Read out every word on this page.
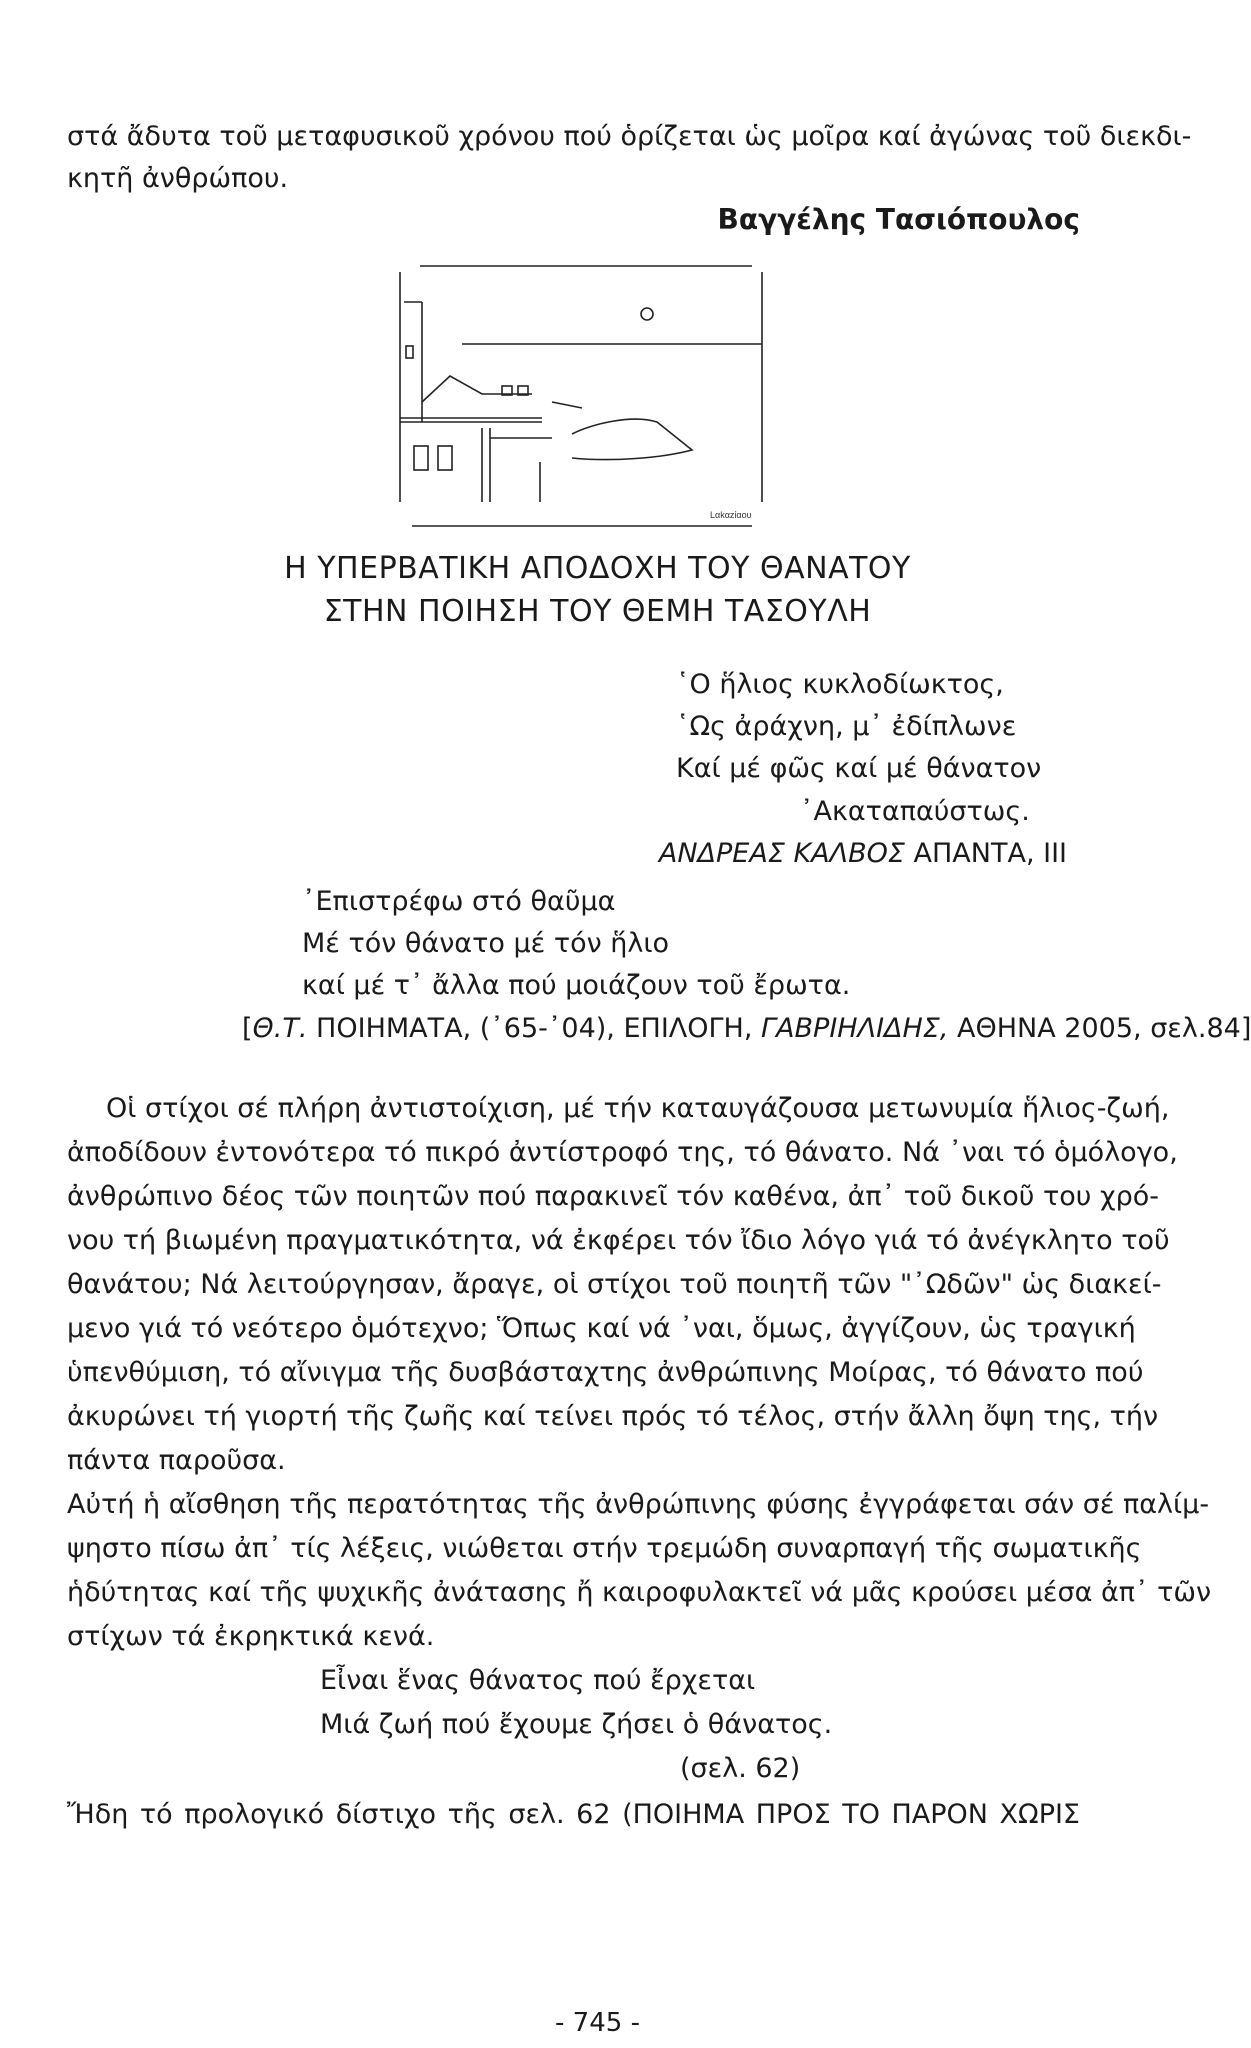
στά ἄδυτα τοῦ μεταφυσικοῦ χρόνου πού ὁρίζεται ὡς μοῖρα καί ἀγώνας τοῦ διεκδι-
κητῆ ἀνθρώπου.
Βαγγέλης Τασιόπουλος
Lαkαzίαου
Η ΥΠΕΡΒΑΤΙΚΗ ΑΠΟΔΟΧΗ ΤΟΥ ΘΑΝΑΤΟΥ
ΣΤΗΝ ΠΟΙΗΣΗ ΤΟΥ ΘΕΜΗ ΤΑΣΟΥΛΗ
῾Ο ἥλιος κυκλοδίωκτος,
῾Ως ἀράχνη, μ᾽ ἐδίπλωνε
Καί μέ φῶς καί μέ θάνατον
᾽Ακαταπαύστως.
ΑΝΔΡΕΑΣ ΚΑΛΒΟΣ ΑΠΑΝΤΑ, ΙΙΙ
᾽Επιστρέφω στό θαῦμα
Μέ τόν θάνατο μέ τόν ἥλιο
καί μέ τ᾽ ἄλλα πού μοιάζουν τοῦ ἔρωτα.
[Θ.Τ. ΠΟΙΗΜΑΤΑ, (᾽65-᾽04), ΕΠΙΛΟΓΗ, ΓΑΒΡΙΗΛΙΔΗΣ, ΑΘΗΝΑ 2005, σελ.84]
Οἱ στίχοι σέ πλήρη ἀντιστοίχιση, μέ τήν καταυγάζουσα μετωνυμία ἥλιος-ζωή,
ἀποδίδουν ἐντονότερα τό πικρό ἀντίστροφό της, τό θάνατο. Νά ᾽ναι τό ὁμόλογο,
ἀνθρώπινο δέος τῶν ποιητῶν πού παρακινεῖ τόν καθένα, ἀπ᾽ τοῦ δικοῦ του χρό-
νου τή βιωμένη πραγματικότητα, νά ἐκφέρει τόν ἴδιο λόγο γιά τό ἀνέγκλητο τοῦ
θανάτου; Νά λειτούργησαν, ἄραγε, οἱ στίχοι τοῦ ποιητῆ τῶν "᾽Ωδῶν" ὡς διακεί-
μενο γιά τό νεότερο ὁμότεχνο; Ὅπως καί νά ᾽ναι, ὅμως, ἀγγίζουν, ὡς τραγική
ὑπενθύμιση, τό αἴνιγμα τῆς δυσβάσταχτης ἀνθρώπινης Μοίρας, τό θάνατο πού
ἀκυρώνει τή γιορτή τῆς ζωῆς καί τείνει πρός τό τέλος, στήν ἄλλη ὄψη της, τήν
πάντα παροῦσα.
Αὐτή ἡ αἴσθηση τῆς περατότητας τῆς ἀνθρώπινης φύσης ἐγγράφεται σάν σέ παλίμ-
ψηστο πίσω ἀπ᾽ τίς λέξεις, νιώθεται στήν τρεμώδη συναρπαγή τῆς σωματικῆς
ἡδύτητας καί τῆς ψυχικῆς ἀνάτασης ἤ καιροφυλακτεῖ νά μᾶς κρούσει μέσα ἀπ᾽ τῶν
στίχων τά ἐκρηκτικά κενά.
Εἶναι ἕνας θάνατος πού ἔρχεται
Μιά ζωή πού ἔχουμε ζήσει ὁ θάνατος.
(σελ. 62)
Ἤδη τό προλογικό δίστιχο τῆς σελ. 62 (ΠΟΙΗΜΑ ΠΡΟΣ ΤΟ ΠΑΡΟΝ ΧΩΡΙΣ
- 745 -
